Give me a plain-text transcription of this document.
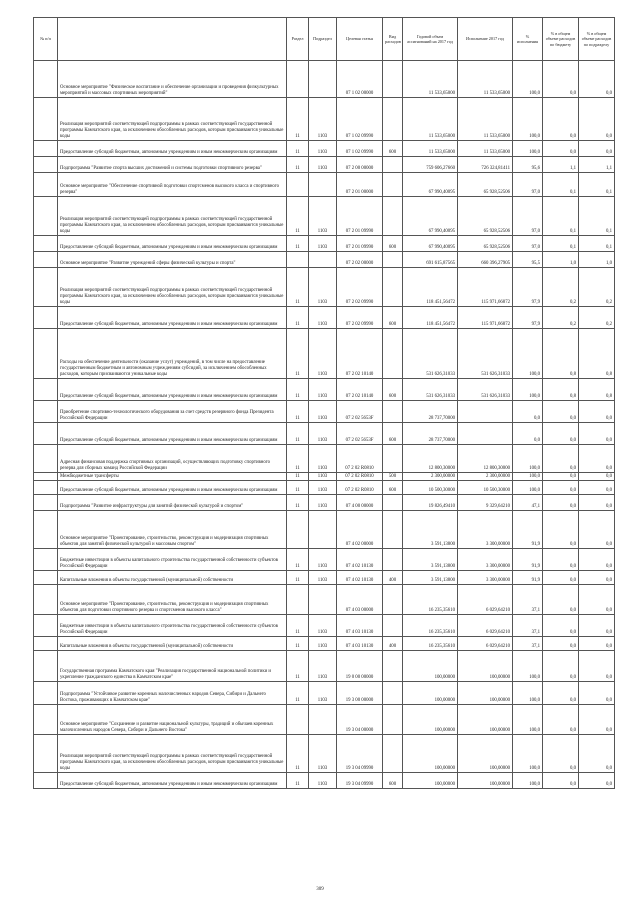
№ п/п		Раздел	Подраздел	Целевая статья	Вид расходов	Годовой объем ассигнований на 2017 год	Исполнение 2017 год	% исполнения	% в общем объеме расходов по бюджету	% в общем объеме расходов по подразделу
	Основное мероприятие "Физическое воспитание и обеспечение организации и проведения физкультурных мероприятий и массовых спортивных мероприятий"			07 1 02 00000		11 533,65000	11 533,65000	100,0	0,0	0,0
	Реализация мероприятий соответствующей подпрограммы в рамках соответствующей государственной программы Камчатского края, за исключением обособленных расходов, которым присваиваются уникальные коды	11	1103	07 1 02 09990		11 533,65000	11 533,65000	100,0	0,0	0,0
	Предоставление субсидий бюджетным, автономным учреждениям и иным некоммерческим организациям	11	1103	07 1 02 09990	600	11 533,65000	11 533,65000	100,0	0,0	0,0
	Подпрограмма "Развитие спорта высших достижений и системы подготовки спортивного резерва"	11	1103	07 2 00 00000		759 606,27660	726 324,81411	95,6	1,1	1,1
	Основное мероприятие "Обеспечение спортивной подготовки спортсменов высокого класса и спортивного резерва"			07 2 01 00000		67 990,40095	65 928,52506	97,0	0,1	0,1
	Реализация мероприятий соответствующей подпрограммы в рамках соответствующей государственной программы Камчатского края, за исключением обособленных расходов, которым присваиваются уникальные коды	11	1103	07 2 01 09990		67 990,40095	65 928,52506	97,0	0,1	0,1
	Предоставление субсидий бюджетным, автономным учреждениям и иным некоммерческим организациям	11	1103	07 2 01 09990	600	67 990,40095	65 928,52506	97,0	0,1	0,1
	Основное мероприятие "Развитие учреждений сферы физической культуры и спорта"			07 2 02 00000		691 615,87565	660 396,27905	95,5	1,0	1,0
	Реализация мероприятий соответствующей подпрограммы в рамках соответствующей государственной программы Камчатского края, за исключением обособленных расходов, которым присваиваются уникальные коды	11	1103	07 2 02 09990		118 451,56472	115 971,66872	97,9	0,2	0,2
	Предоставление субсидий бюджетным, автономным учреждениям и иным некоммерческим организациям	11	1103	07 2 02 09990	600	118 451,56472	115 971,66872	97,9	0,2	0,2
	Расходы на обеспечение деятельности (оказание услуг) учреждений, в том числе на предоставление государственным бюджетным и автономным учреждениям субсидий, за исключением обособленных расходов, которым присваиваются уникальные коды	11	1103	07 2 02 10140		531 626,31033	531 626,31033	100,0	0,8	0,8
	Предоставление субсидий бюджетным, автономным учреждениям и иным некоммерческим организациям	11	1103	07 2 02 10140	600	531 626,31033	531 626,31033	100,0	0,8	0,8
	Приобретение спортивно-технологического оборудования за счет средств резервного фонда Президента Российской Федерации	11	1103	07 2 02 5653F		28 737,70000		0,0	0,0	0,0
	Предоставление субсидий бюджетным, автономным учреждениям и иным некоммерческим организациям	11	1103	07 2 02 5653F	600	28 737,70000		0,0	0,0	0,0
	Адресная финансовая поддержка спортивных организаций, осуществляющих подготовку спортивного резерва для сборных команд Российской Федерации	11	1103	07 2 02 R0810		12 800,30000	12 800,30000	100,0	0,0	0,0
	Межбюджетные трансферты	11	1103	07 2 02 R0810	500	2 300,00000	2 300,00000	100,0	0,0	0,0
	Предоставление субсидий бюджетным, автономным учреждениям и иным некоммерческим организациям	11	1103	07 2 02 R0810	600	10 500,30000	10 500,30000	100,0	0,0	0,0
	Подпрограмма "Развитие инфраструктуры для занятий физической культурой и спортом"	11	1103	07 4 00 00000		19 826,49410	9 329,64210	47,1	0,0	0,0
	Основное мероприятие "Проектирование, строительство, реконструкция и модернизация спортивных объектов для занятий физической культурой и массовым спортом"			07 4 02 00000		3 591,13800	3 300,00000	91,9	0,0	0,0
	Бюджетные инвестиции в объекты капитального строительства государственной собственности субъектов Российской Федерации	11	1103	07 4 02 10130		3 591,13800	3 300,00000	91,9	0,0	0,0
	Капитальные вложения в объекты государственной (муниципальной) собственности	11	1103	07 4 02 10130	400	3 591,13800	3 300,00000	91,9	0,0	0,0
	Основное мероприятие "Проектирование, строительство, реконструкция и модернизация спортивных объектов для подготовки спортивного резерва и спортсменов высокого класса"			07 4 03 00000		16 235,35610	6 029,64210	37,1	0,0	0,0
	Бюджетные инвестиции в объекты капитального строительства государственной собственности субъектов Российской Федерации	11	1103	07 4 03 10130		16 235,35610	6 029,64210	37,1	0,0	0,0
	Капитальные вложения в объекты государственной (муниципальной) собственности	11	1103	07 4 03 10130	400	16 235,35610	6 029,64210	37,1	0,0	0,0
	Государственная программа Камчатского края "Реализация государственной национальной политики и укрепление гражданского единства в Камчатском крае"	11	1103	19 0 00 00000		100,00000	100,00000	100,0	0,0	0,0
	Подпрограмма "Устойчивое развитие коренных малочисленных народов Севера, Сибири и Дальнего Востока, проживающих в Камчатском крае"	11	1103	19 3 00 00000		100,00000	100,00000	100,0	0,0	0,0
	Основное мероприятие "Сохранение и развитие национальной культуры, традиций и обычаев коренных малочисленных народов Севера, Сибири и Дальнего Востока"			19 3 04 00000		100,00000	100,00000	100,0	0,0	0,0
	Реализация мероприятий соответствующей подпрограммы в рамках соответствующей государственной программы Камчатского края, за исключением обособленных расходов, которым присваиваются уникальные коды	11	1103	19 3 04 09990		100,00000	100,00000	100,0	0,0	0,0
	Предоставление субсидий бюджетным, автономным учреждениям и иным некоммерческим организациям	11	1103	19 3 04 09990	600	100,00000	100,00000	100,0	0,0	0,0
309
